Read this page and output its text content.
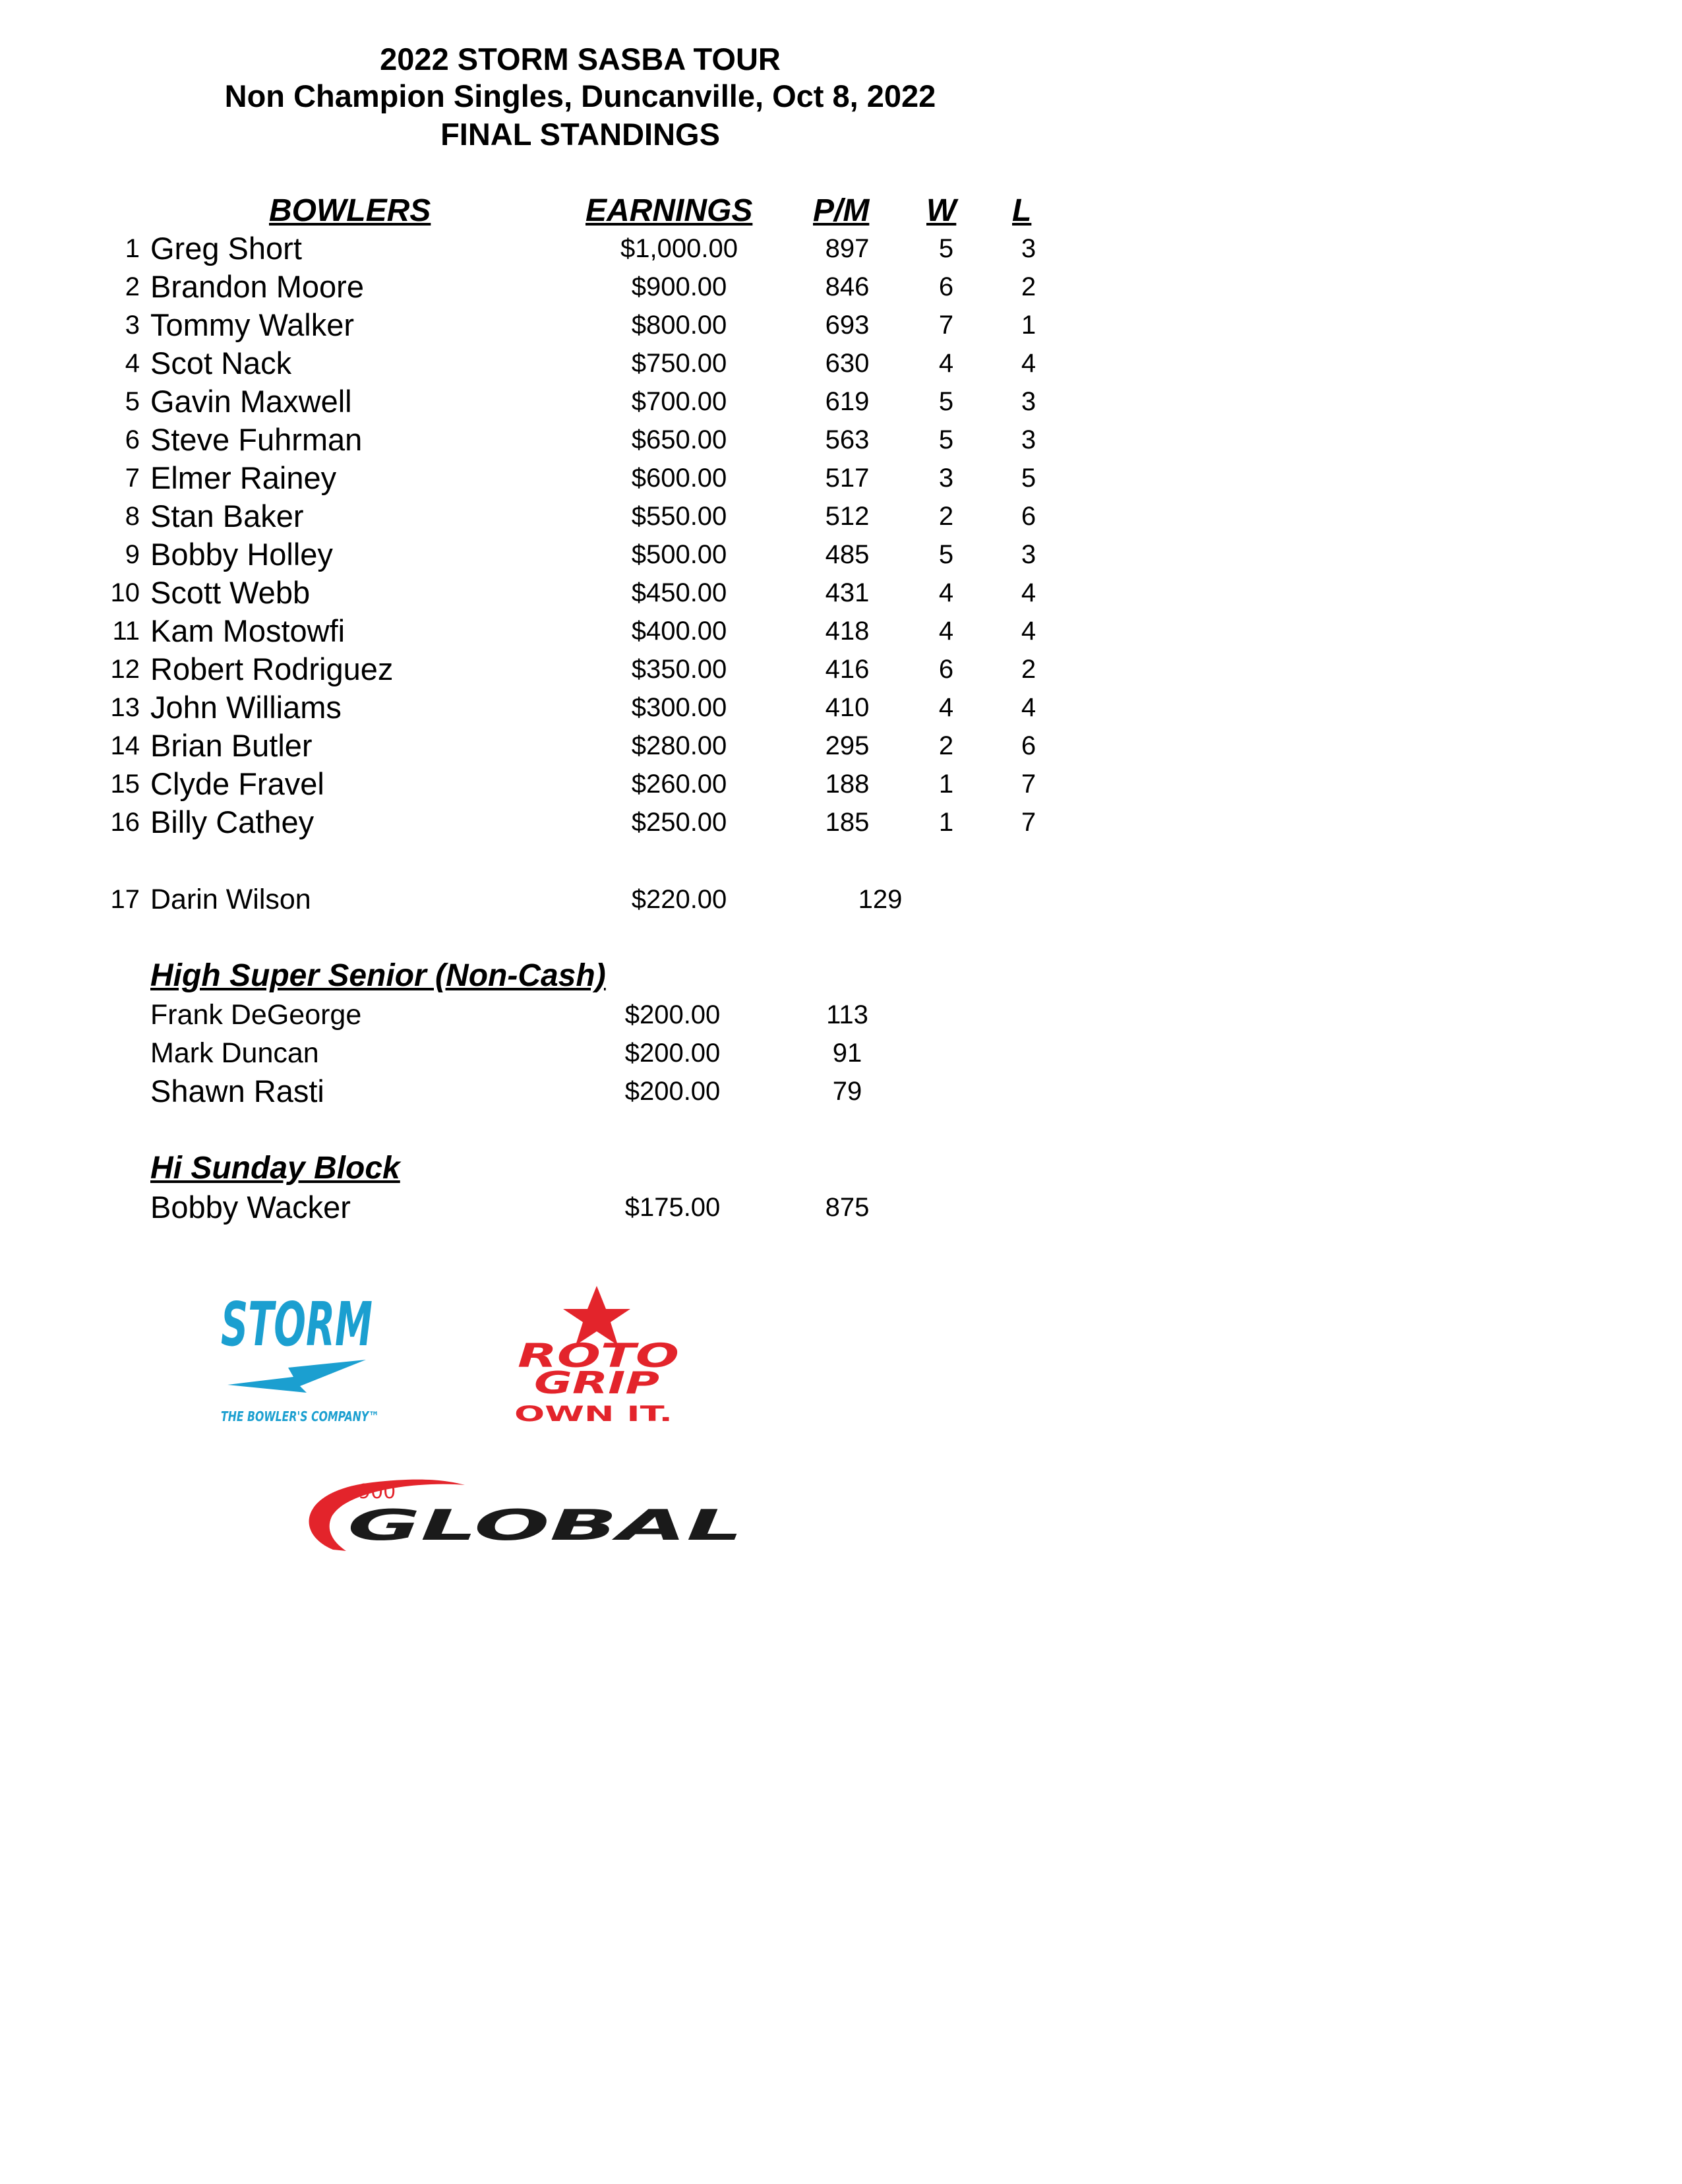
2022 STORM SASBA TOUR
Non Champion Singles, Duncanville, Oct 8, 2022
FINAL STANDINGS
BOWLERS	EARNINGS P/M W L
1 Greg Short	$1,000.00	897	5	3
2 Brandon Moore	$900.00	846	6	2
3 Tommy Walker	$800.00	693	7	1
4 Scot Nack	$750.00	630	4	4
5 Gavin Maxwell	$700.00	619	5	3
6 Steve Fuhrman	$650.00	563	5	3
7 Elmer Rainey	$600.00	517	3	5
8 Stan Baker	$550.00	512	2	6
9 Bobby Holley	$500.00	485	5	3
10 Scott Webb	$450.00	431	4	4
11 Kam Mostowfi	$400.00	418	4	4
12 Robert Rodriguez	$350.00	416	6	2
13 John Williams	$300.00	410	4	4
14 Brian Butler	$280.00	295	2	6
15 Clyde Fravel	$260.00	188	1	7
16 Billy Cathey	$250.00	185	1	7
17 Darin Wilson	$220.00	129
High Super Senior (Non-Cash)
Frank DeGeorge	$200.00	113
Mark Duncan	$200.00	91
Shawn Rasti	$200.00	79
Hi Sunday Block
Bobby Wacker	$175.00	875
STORM
THE BOWLER'S COMPANY™
ROTO
GRIP
OWN IT.
900
GLOBAL
